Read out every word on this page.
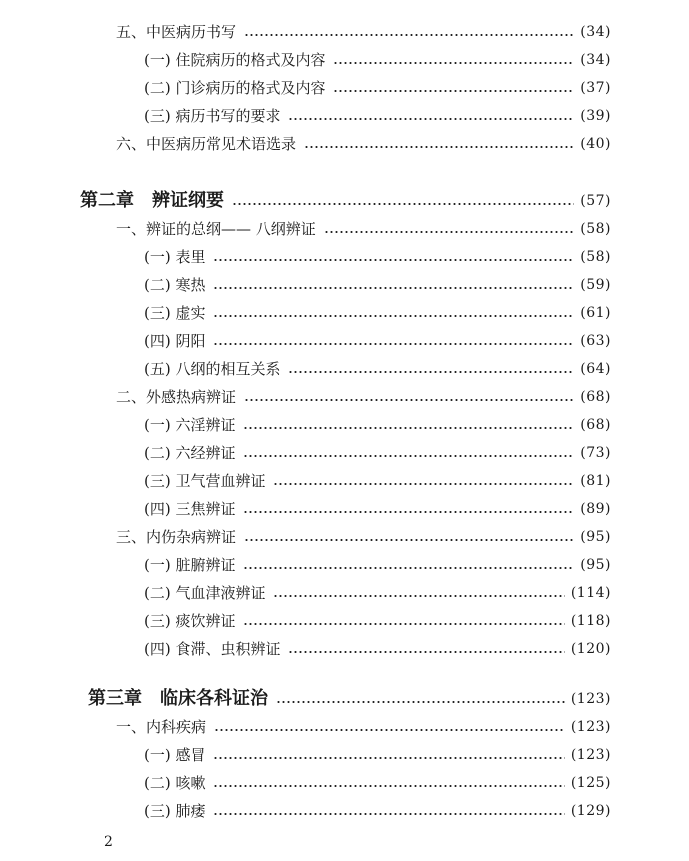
五、中医病历书写	(34)
(一) 住院病历的格式及内容	(34)
(二) 门诊病历的格式及内容	(37)
(三) 病历书写的要求	(39)
六、中医病历常见术语选录	(40)
第二章　辨证纲要	(57)
一、辨证的总纲—— 八纲辨证	(58)
(一) 表里	(58)
(二) 寒热	(59)
(三) 虚实	(61)
(四) 阴阳	(63)
(五) 八纲的相互关系	(64)
二、外感热病辨证	(68)
(一) 六淫辨证	(68)
(二) 六经辨证	(73)
(三) 卫气营血辨证	(81)
(四) 三焦辨证	(89)
三、内伤杂病辨证	(95)
(一) 脏腑辨证	(95)
(二) 气血津液辨证	(114)
(三) 痰饮辨证	(118)
(四) 食滞、虫积辨证	(120)
第三章　临床各科证治	(123)
一、内科疾病	(123)
(一) 感冒	(123)
(二) 咳嗽	(125)
(三) 肺痿	(129)
2
